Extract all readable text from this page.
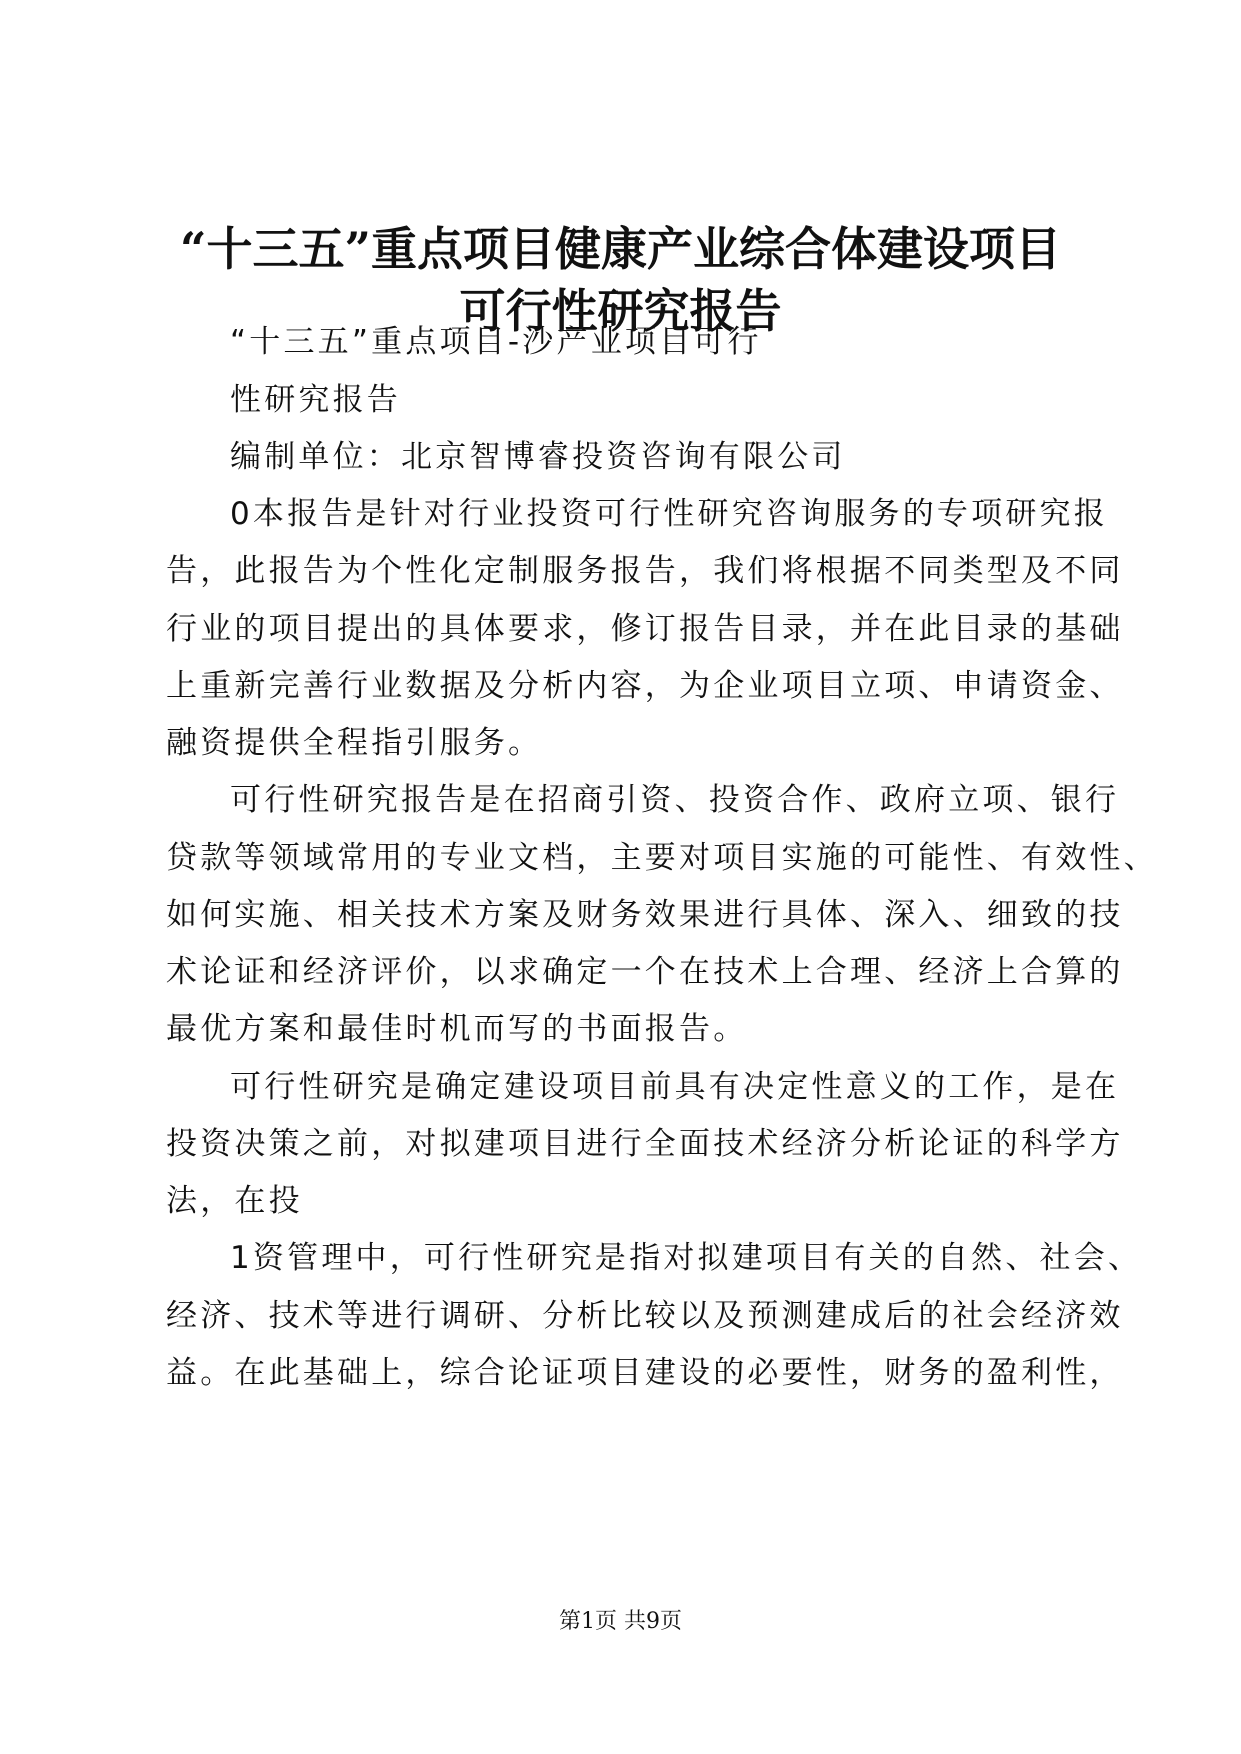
“十三五”重点项目健康产业综合体建设项目
可行性研究报告

“十三五”重点项目-沙产业项目可行

性研究报告

编制单位：北京智博睿投资咨询有限公司

0本报告是针对行业投资可行性研究咨询服务的专项研究报

告，此报告为个性化定制服务报告，我们将根据不同类型及不同

行业的项目提出的具体要求，修订报告目录，并在此目录的基础

上重新完善行业数据及分析内容，为企业项目立项、申请资金、

融资提供全程指引服务。

可行性研究报告是在招商引资、投资合作、政府立项、银行

贷款等领域常用的专业文档，主要对项目实施的可能性、有效性、

如何实施、相关技术方案及财务效果进行具体、深入、细致的技

术论证和经济评价，以求确定一个在技术上合理、经济上合算的

最优方案和最佳时机而写的书面报告。

可行性研究是确定建设项目前具有决定性意义的工作，是在

投资决策之前，对拟建项目进行全面技术经济分析论证的科学方

法，在投

1资管理中，可行性研究是指对拟建项目有关的自然、社会、

经济、技术等进行调研、分析比较以及预测建成后的社会经济效

益。在此基础上，综合论证项目建设的必要性，财务的盈利性，

第1页 共9页
